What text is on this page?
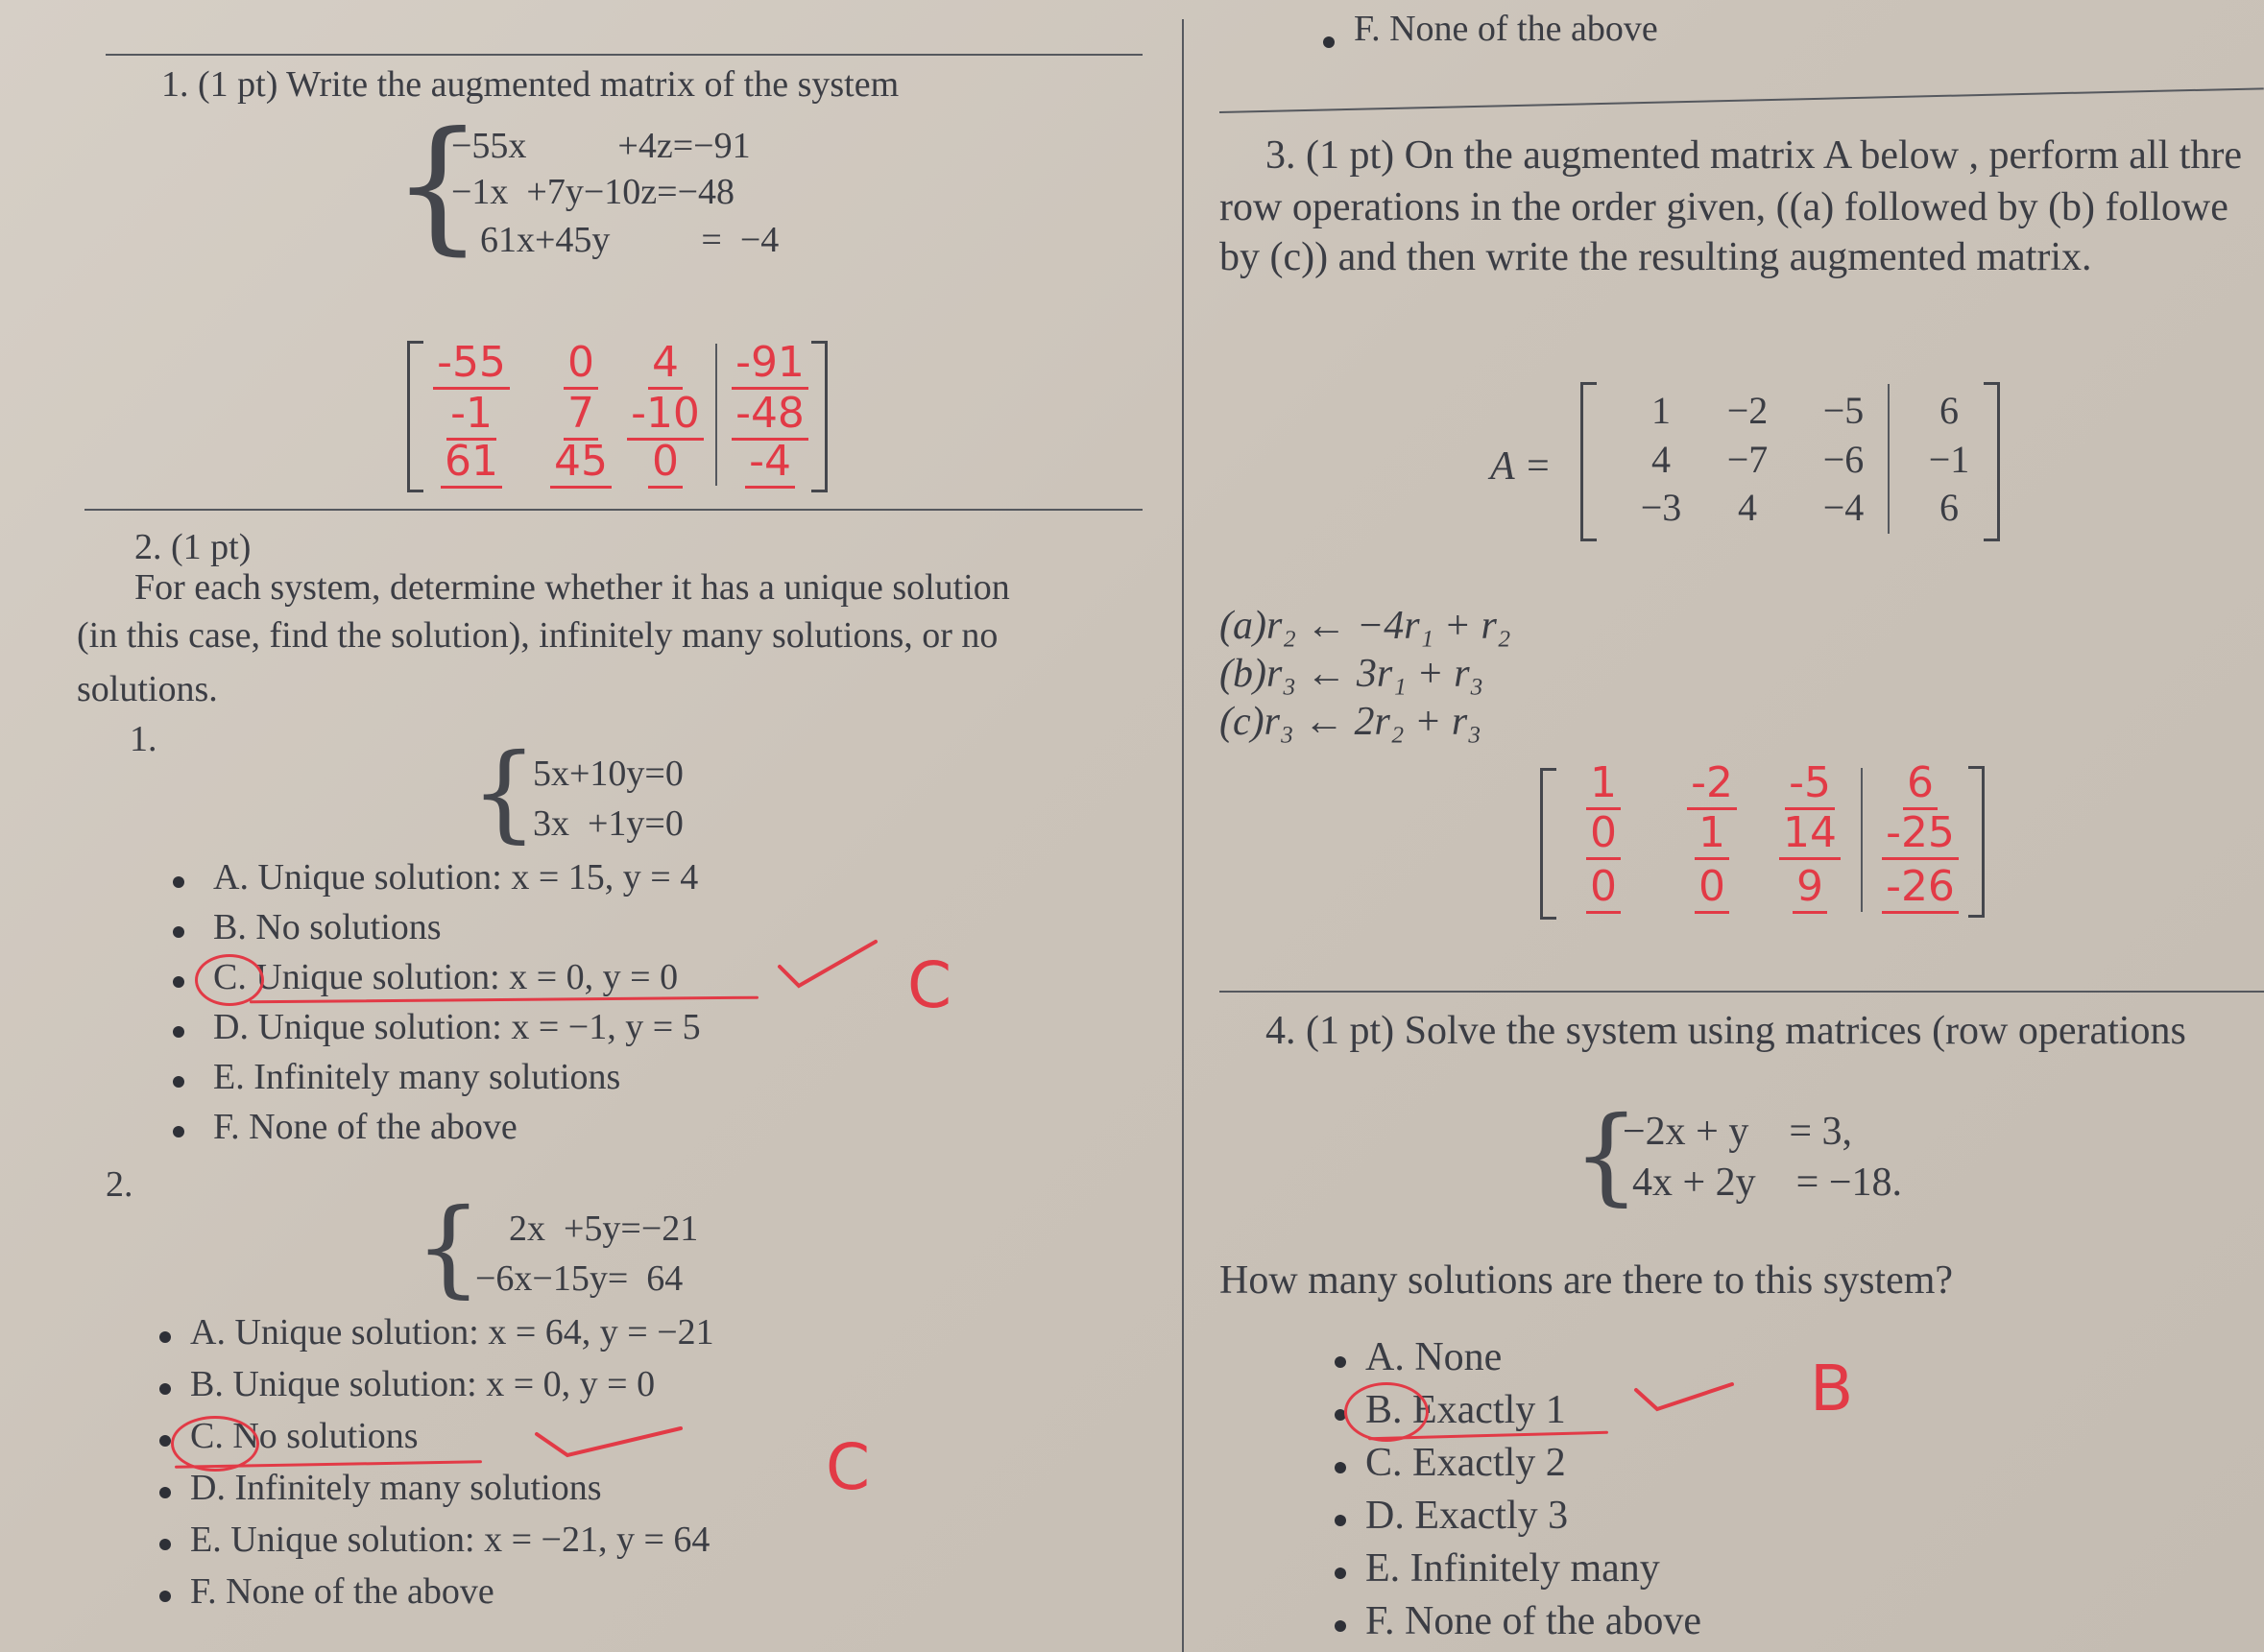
1. (1 pt) Write the augmented matrix of the system
{
−55x          +4z=−91
−1x  +7y−10z=−48
61x+45y          =  −4
-55	0	4	-91
-1	7 -10 -48
61	45	0	-4
2. (1 pt)
For each system, determine whether it has a unique solution
(in this case, find the solution), infinitely many solutions, or no
solutions.
1.	{
5x+10y=0
3x  +1y=0
A. Unique solution: x = 15, y = 4
B. No solutions
C. Unique solution: x = 0, y = 0
D. Unique solution: x = −1, y = 5
E. Infinitely many solutions
F. None of the above
C
2.
{ 2x  +5y=−21
−6x−15y=  64
A. Unique solution: x = 64, y = −21
B. Unique solution: x = 0, y = 0
C. No solutions
D. Infinitely many solutions
E. Unique solution: x = −21, y = 64
F. None of the above
C
F. None of the above
3. (1 pt) On the augmented matrix A below , perform all thre
row operations in the order given, ((a) followed by (b) followe
by (c)) and then write the resulting augmented matrix.
A =
1	−2	−5	6
4	−7	−6	−1
−3	4	−4	6
(a)r₂ ← −4r₁ + r₂
(b)r₃ ← 3r₁ + r₃
(c)r₃ ← 2r₂ + r₃
1	-2	-5	6
0	1	14	-25
0	0	9	-26
4. (1 pt) Solve the system using matrices (row operations
{
−2x + y    = 3,
4x + 2y    = −18.
How many solutions are there to this system?
A. None
B. Exactly 1
C. Exactly 2
D. Exactly 3
E. Infinitely many
F. None of the above
B
